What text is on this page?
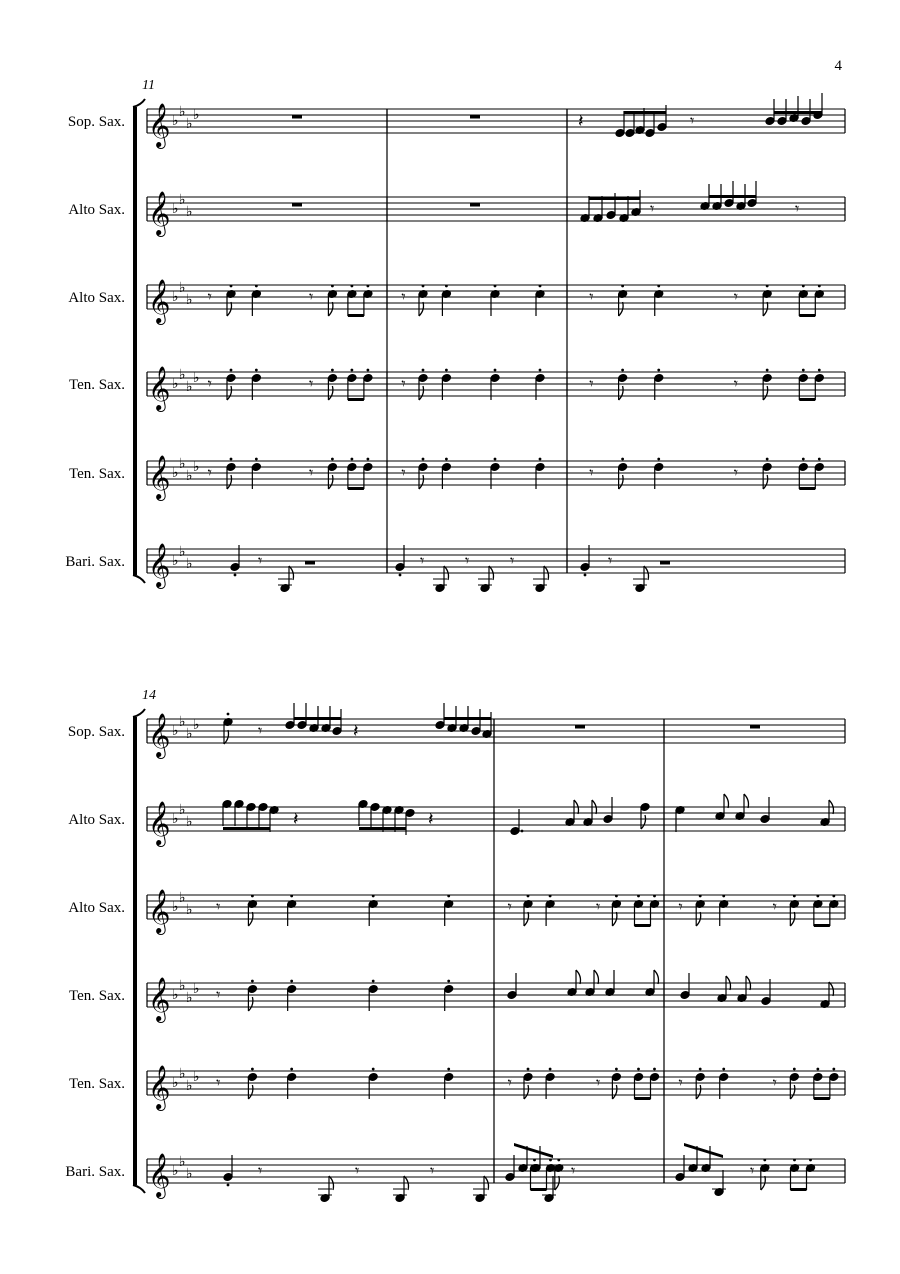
4
11
14
Sop. Sax.
Alto Sax.
Alto Sax.
Ten. Sax.
Ten. Sax.
Bari. Sax.
Sop. Sax.
Alto Sax.
Alto Sax.
Ten. Sax.
Ten. Sax.
Bari. Sax.
𝄞 ♭
♭
♭
♭
𝄞 ♭
♭
♭
𝄞 ♭
♭
♭
𝄞 ♭
♭
♭
♭
𝄞 ♭
♭
♭
♭
𝄞 ♭
♭
♭
𝄞 ♭
♭
♭
♭
𝄞 ♭
♭
♭
𝄞 ♭
♭
♭
𝄞 ♭
♭
♭
♭
𝄞 ♭
♭
♭
♭
𝄞 ♭
♭
♭
𝄾
𝄽
𝄾	𝄾
𝄾	𝄾	𝄾	𝄾	𝄾
𝄾	𝄾	𝄾	𝄾	𝄾
𝄾	𝄾	𝄾	𝄾	𝄾
𝄾	𝄾	𝄾	𝄾	𝄾
𝄾	𝄽
𝄽	𝄽
𝄾	𝄾	𝄾	𝄾	𝄾
𝄾	𝄾	𝄾	𝄾	𝄾
𝄾
𝄾	𝄾	𝄾	𝄾	𝄾
